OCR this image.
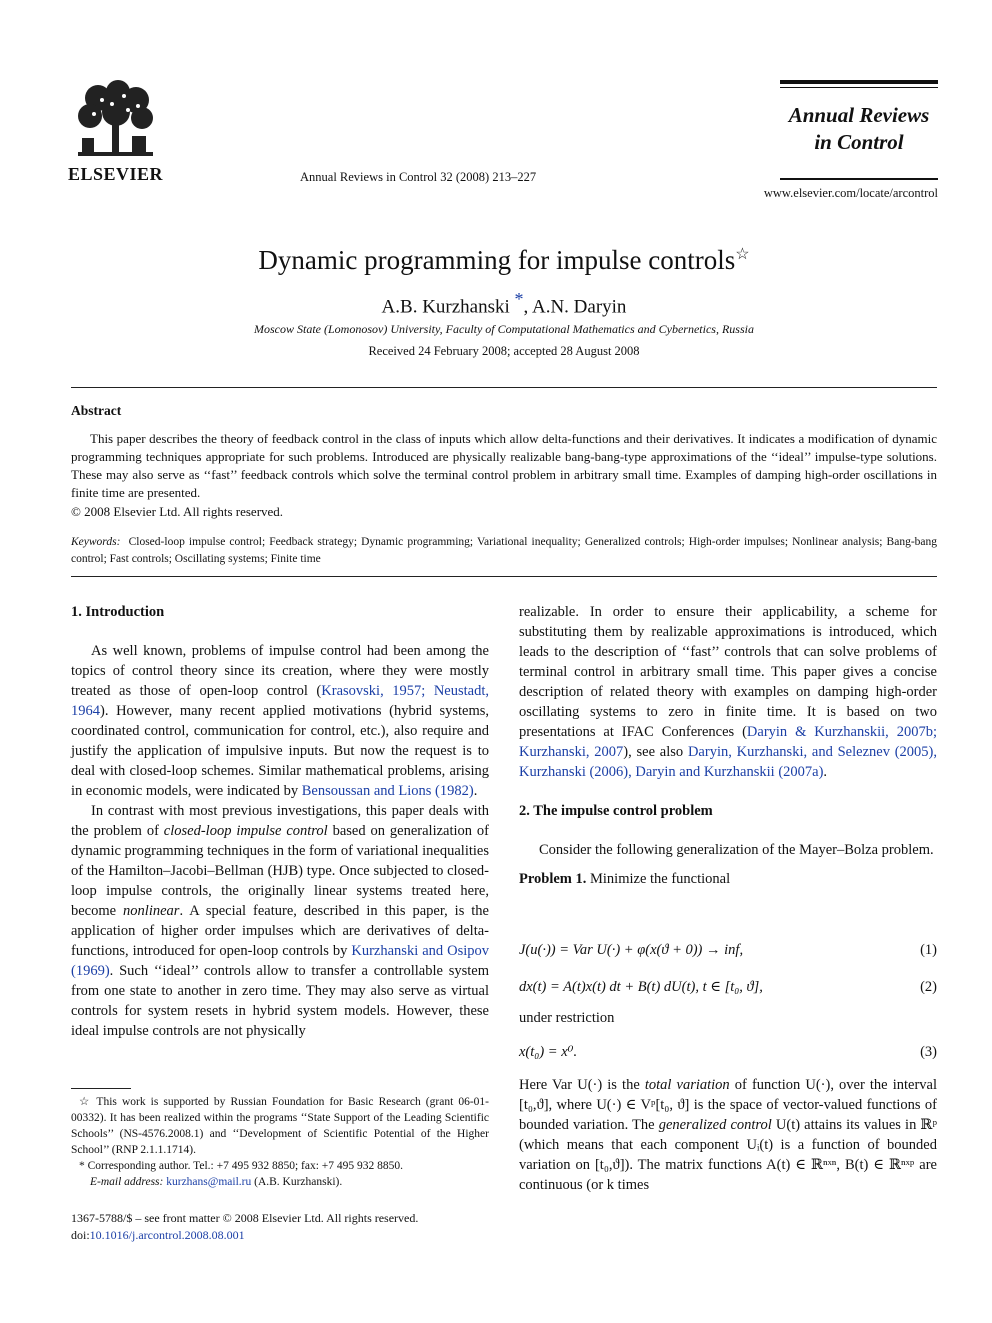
ELSEVIER	Annual Reviews in Control 32 (2008) 213–227
Annual Reviews
in Control
www.elsevier.com/locate/arcontrol
Dynamic programming for impulse controls☆
A.B. Kurzhanski *, A.N. Daryin
Moscow State (Lomonosov) University, Faculty of Computational Mathematics and Cybernetics, Russia
Received 24 February 2008; accepted 28 August 2008
Abstract

This paper describes the theory of feedback control in the class of inputs which allow delta-functions and their derivatives. It indicates a modification of dynamic programming techniques appropriate for such problems. Introduced are physically realizable bang-bang-type approximations of the ‘‘ideal’’ impulse-type solutions. These may also serve as ‘‘fast’’ feedback controls which solve the terminal control problem in arbitrary small time. Examples of damping high-order oscillations in finite time are presented.

© 2008 Elsevier Ltd. All rights reserved.

Keywords: Closed-loop impulse control; Feedback strategy; Dynamic programming; Variational inequality; Generalized controls; High-order impulses; Nonlinear analysis; Bang-bang control; Fast controls; Oscillating systems; Finite time

1. Introduction

As well known, problems of impulse control had been among the topics of control theory since its creation, where they were mostly treated as those of open-loop control (Krasovski, 1957; Neustadt, 1964). However, many recent applied motivations (hybrid systems, coordinated control, communication for control, etc.), also require and justify the application of impulsive inputs. But now the request is to deal with closed-loop schemes. Similar mathematical problems, arising in economic models, were indicated by Bensoussan and Lions (1982).

In contrast with most previous investigations, this paper deals with the problem of closed-loop impulse control based on generalization of dynamic programming techniques in the form of variational inequalities of the Hamilton–Jacobi–Bellman (HJB) type. Once subjected to closed-loop impulse controls, the originally linear systems treated here, become nonlinear. A special feature, described in this paper, is the application of higher order impulses which are derivatives of delta-functions, introduced for open-loop controls by Kurzhanski and Osipov (1969). Such ‘‘ideal’’ controls allow to transfer a controllable system from one state to another in zero time. They may also serve as virtual controls for system resets in hybrid system models. However, these ideal impulse controls are not physically

☆ This work is supported by Russian Foundation for Basic Research (grant 06-01-00332). It has been realized within the programs ‘‘State Support of the Leading Scientific Schools’’ (NS-4576.2008.1) and ‘‘Development of Scientific Potential of the Higher School’’ (RNP 2.1.1.1714).
* Corresponding author. Tel.: +7 495 932 8850; fax: +7 495 932 8850.
E-mail address: kurzhans@mail.ru (A.B. Kurzhanski).
1367-5788/$ – see front matter © 2008 Elsevier Ltd. All rights reserved.
doi:10.1016/j.arcontrol.2008.08.001

realizable. In order to ensure their applicability, a scheme for substituting them by realizable approximations is introduced, which leads to the description of ‘‘fast’’ controls that can solve problems of terminal control in arbitrary small time. This paper gives a concise description of related theory with examples on damping high-order oscillating systems to zero in finite time. It is based on two presentations at IFAC Conferences (Daryin & Kurzhanskii, 2007b; Kurzhanski, 2007), see also Daryin, Kurzhanski, and Seleznev (2005), Kurzhanski (2006), Daryin and Kurzhanskii (2007a).

2. The impulse control problem

Consider the following generalization of the Mayer–Bolza problem.

Problem 1. Minimize the functional

J(u(·)) = Var U(·) + φ(x(ϑ + 0)) → inf,	(1)
dx(t) = A(t)x(t) dt + B(t) dU(t), t ∈ [t₀, ϑ],	(2)
under restriction
x(t₀) = x⁰.	(3)

Here Var U(·) is the total variation of function U(·), over the interval [t₀,ϑ], where U(·) ∈ Vᵖ[t₀, ϑ] is the space of vector-valued functions of bounded variation. The generalized control U(t) attains its values in ℝᵖ (which means that each component Uᵢ(t) is a function of bounded variation on [t₀,ϑ]). The matrix functions A(t) ∈ ℝⁿˣⁿ, B(t) ∈ ℝⁿˣᵖ are continuous (or k times
